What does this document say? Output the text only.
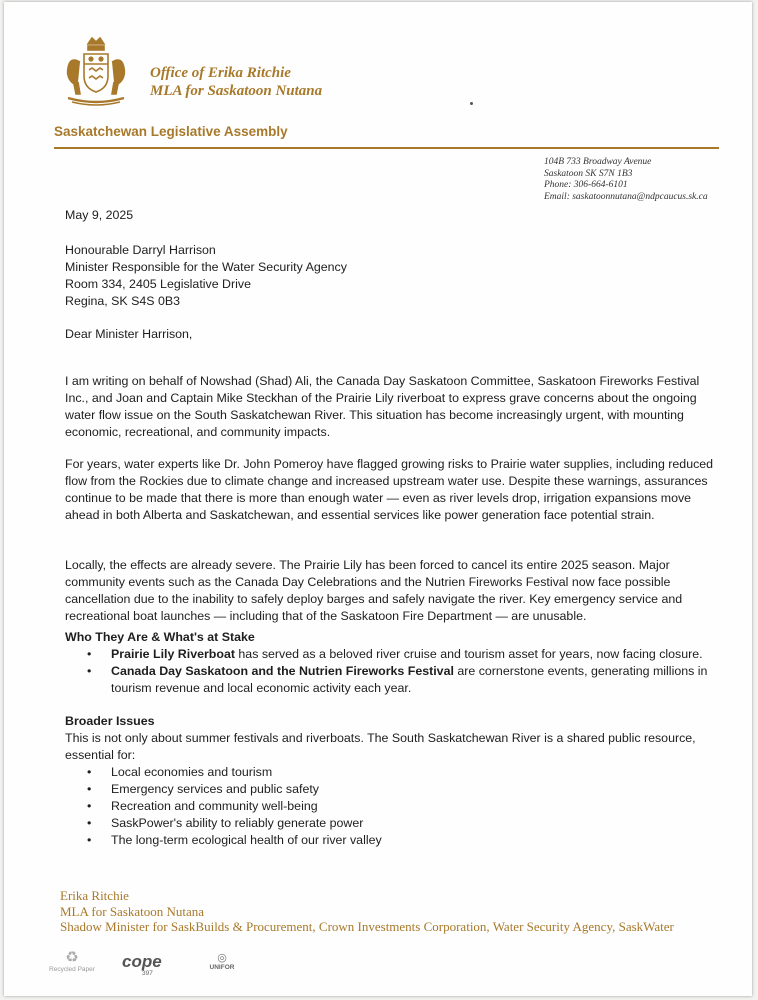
Office of Erika Ritchie
MLA for Saskatoon Nutana
Saskatchewan Legislative Assembly
104B 733 Broadway Avenue
Saskatoon SK S7N 1B3
Phone: 306-664-6101
Email: saskatoonnutana@ndpcaucus.sk.ca
May 9, 2025
Honourable Darryl Harrison
Minister Responsible for the Water Security Agency
Room 334, 2405 Legislative Drive
Regina, SK S4S 0B3
Dear Minister Harrison,

I am writing on behalf of Nowshad (Shad) Ali, the Canada Day Saskatoon Committee, Saskatoon Fireworks Festival Inc., and Joan and Captain Mike Steckhan of the Prairie Lily riverboat to express grave concerns about the ongoing water flow issue on the South Saskatchewan River. This situation has become increasingly urgent, with mounting economic, recreational, and community impacts.

For years, water experts like Dr. John Pomeroy have flagged growing risks to Prairie water supplies, including reduced flow from the Rockies due to climate change and increased upstream water use. Despite these warnings, assurances continue to be made that there is more than enough water — even as river levels drop, irrigation expansions move ahead in both Alberta and Saskatchewan, and essential services like power generation face potential strain.

Locally, the effects are already severe. The Prairie Lily has been forced to cancel its entire 2025 season. Major community events such as the Canada Day Celebrations and the Nutrien Fireworks Festival now face possible cancellation due to the inability to safely deploy barges and safely navigate the river. Key emergency service and recreational boat launches — including that of the Saskatoon Fire Department — are unusable.

Who They Are & What's at Stake
• Prairie Lily Riverboat has served as a beloved river cruise and tourism asset for years, now facing closure.
• Canada Day Saskatoon and the Nutrien Fireworks Festival are cornerstone events, generating millions in tourism revenue and local economic activity each year.
Broader Issues
This is not only about summer festivals and riverboats. The South Saskatchewan River is a shared public resource, essential for:
• Local economies and tourism
• Emergency services and public safety
• Recreation and community well-being
• SaskPower's ability to reliably generate power
• The long-term ecological health of our river valley
Erika Ritchie
MLA for Saskatoon Nutana
Shadow Minister for SaskBuilds & Procurement, Crown Investments Corporation, Water Security Agency, SaskWater
♻
Recycled Paper cope
397
◎
UNIFOR
